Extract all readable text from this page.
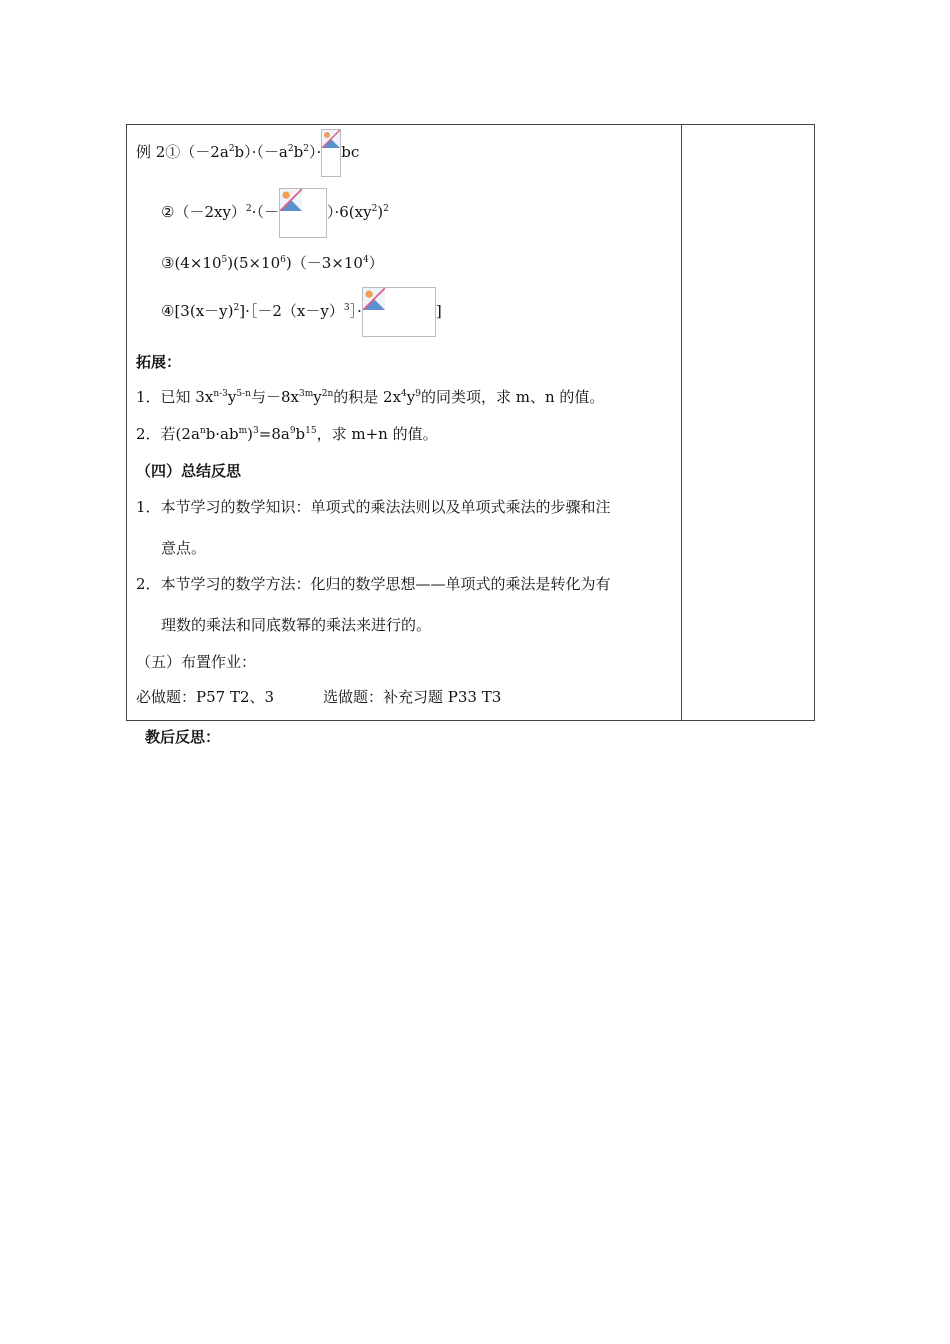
例 $2①(-2a^2b)\cdot(-a^2b^2)\cdot$ bc
$②(-2xy)^2\cdot(-$	）$\cdot 6(xy^2)^2$
$③(4\times 10^5)(5\times 10^6)(-3\times 10^4)$
$④[3(x-y)^2]\cdot[-2(x-y)^3]\cdot$	]
拓展：
1．已知 $3x^{n-3}y^{5-n}$与$-8x^{3m}y^{2n}$的积是 $2x^4y^9$的同类项，求 m、n 的值。
2．若$(2a^nb\cdot ab^m)^3=8a^9b^{15}$，求 m+n 的值。
（四）总结反思
1．本节学习的数学知识：单项式的乘法法则以及单项式乘法的步骤和注
意点。
2．本节学习的数学方法：化归的数学思想——单项式的乘法是转化为有
理数的乘法和同底数幂的乘法来进行的。
（五）布置作业：
必做题：P57 T2、3	选做题：补充习题 P33 T3
教后反思：
